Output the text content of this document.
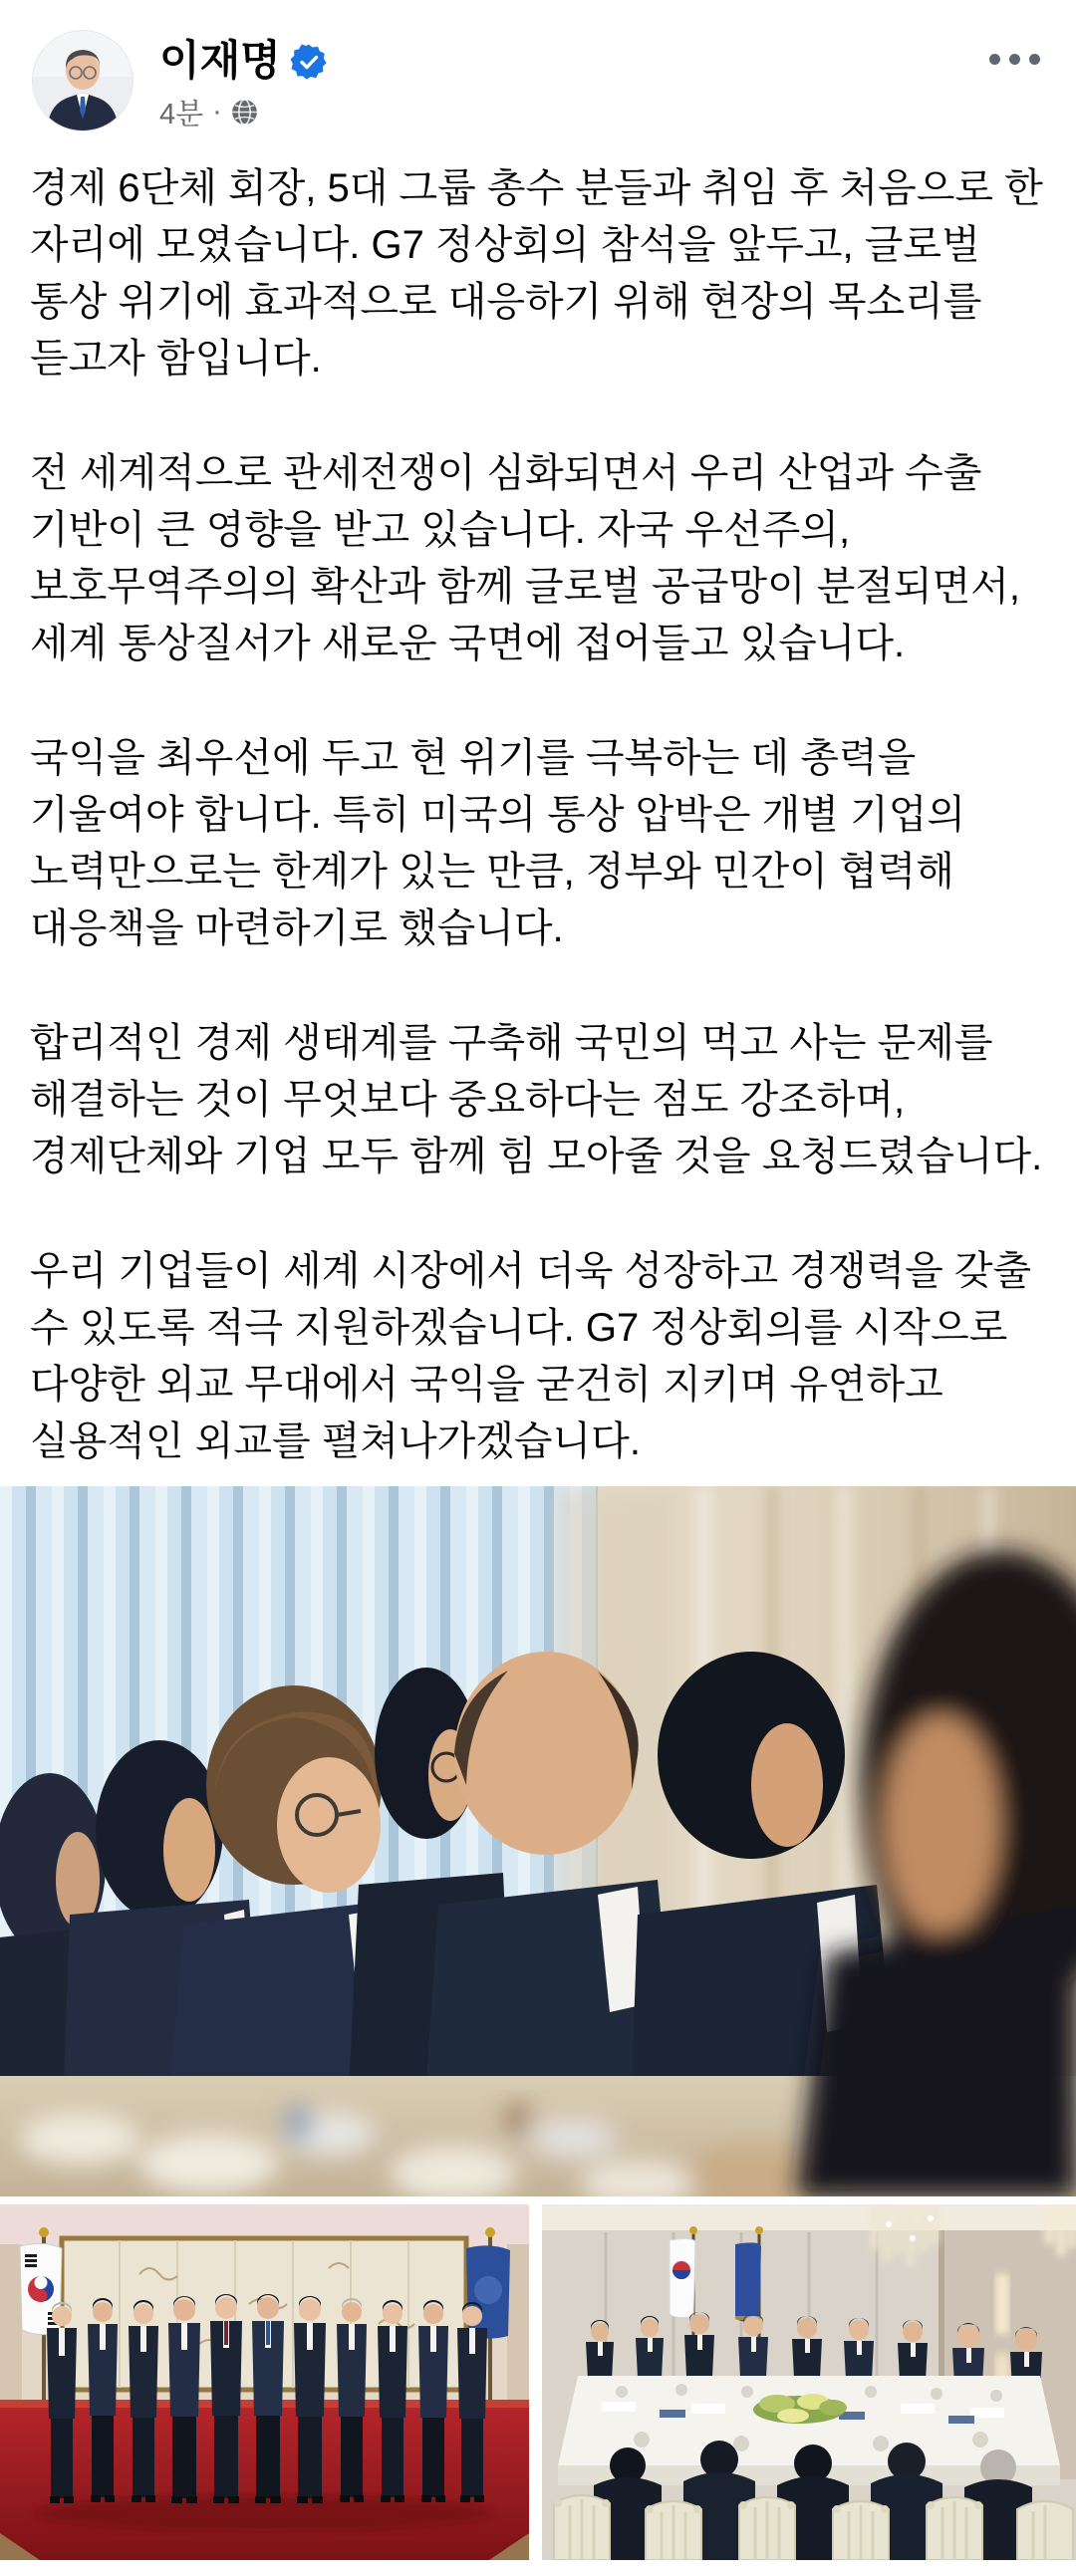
이재명
4분 ·

경제 6단체 회장, 5대 그룹 총수 분들과 취임 후 처음으로 한 자리에 모였습니다. G7 정상회의 참석을 앞두고, 글로벌 통상 위기에 효과적으로 대응하기 위해 현장의 목소리를 듣고자 함입니다.

전 세계적으로 관세전쟁이 심화되면서 우리 산업과 수출 기반이 큰 영향을 받고 있습니다. 자국 우선주의, 보호무역주의의 확산과 함께 글로벌 공급망이 분절되면서, 세계 통상질서가 새로운 국면에 접어들고 있습니다.

국익을 최우선에 두고 현 위기를 극복하는 데 총력을 기울여야 합니다. 특히 미국의 통상 압박은 개별 기업의 노력만으로는 한계가 있는 만큼, 정부와 민간이 협력해 대응책을 마련하기로 했습니다.

합리적인 경제 생태계를 구축해 국민의 먹고 사는 문제를 해결하는 것이 무엇보다 중요하다는 점도 강조하며, 경제단체와 기업 모두 함께 힘 모아줄 것을 요청드렸습니다.

우리 기업들이 세계 시장에서 더욱 성장하고 경쟁력을 갖출 수 있도록 적극 지원하겠습니다. G7 정상회의를 시작으로 다양한 외교 무대에서 국익을 굳건히 지키며 유연하고 실용적인 외교를 펼쳐나가겠습니다.
